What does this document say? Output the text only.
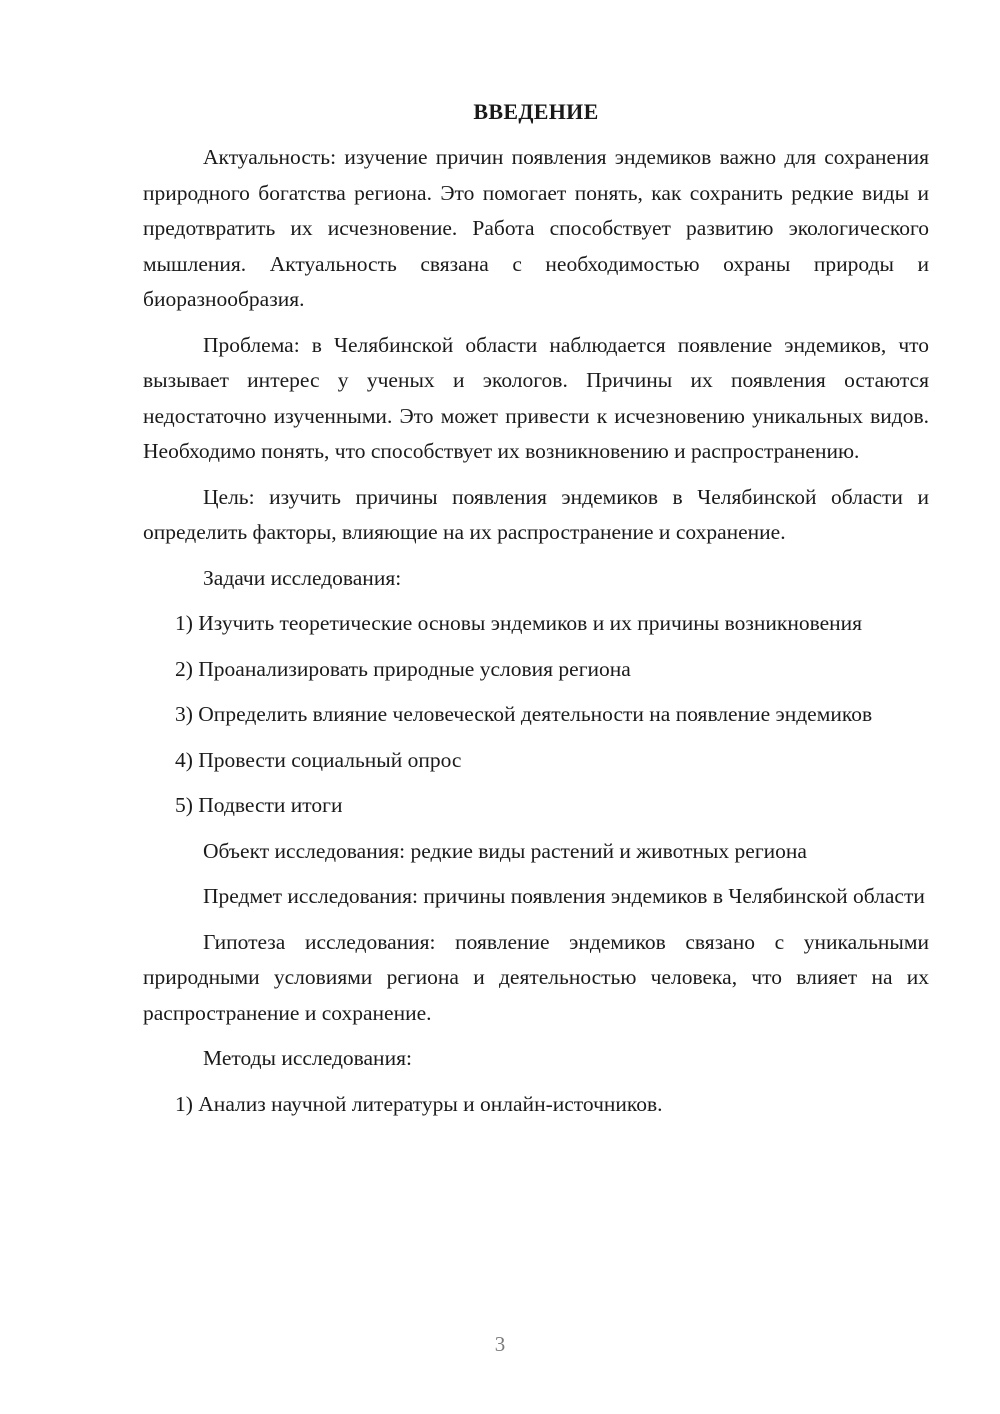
ВВЕДЕНИЕ

Актуальность: изучение причин появления эндемиков важно для сохранения природного богатства региона. Это помогает понять, как сохранить редкие виды и предотвратить их исчезновение. Работа способствует развитию экологического мышления. Актуальность связана с необходимостью охраны природы и биоразнообразия.

Проблема: в Челябинской области наблюдается появление эндемиков, что вызывает интерес у ученых и экологов. Причины их появления остаются недостаточно изученными. Это может привести к исчезновению уникальных видов. Необходимо понять, что способствует их возникновению и распространению.

Цель: изучить причины появления эндемиков в Челябинской области и определить факторы, влияющие на их распространение и сохранение.

Задачи исследования:

1) Изучить теоретические основы эндемиков и их причины возникновения

2) Проанализировать природные условия региона

3) Определить влияние человеческой деятельности на появление эндемиков

4) Провести социальный опрос

5) Подвести итоги

Объект исследования: редкие виды растений и животных региона

Предмет исследования: причины появления эндемиков в Челябинской области

Гипотеза исследования: появление эндемиков связано с уникальными природными условиями региона и деятельностью человека, что влияет на их распространение и сохранение.

Методы исследования:

1) Анализ научной литературы и онлайн-источников.

3
